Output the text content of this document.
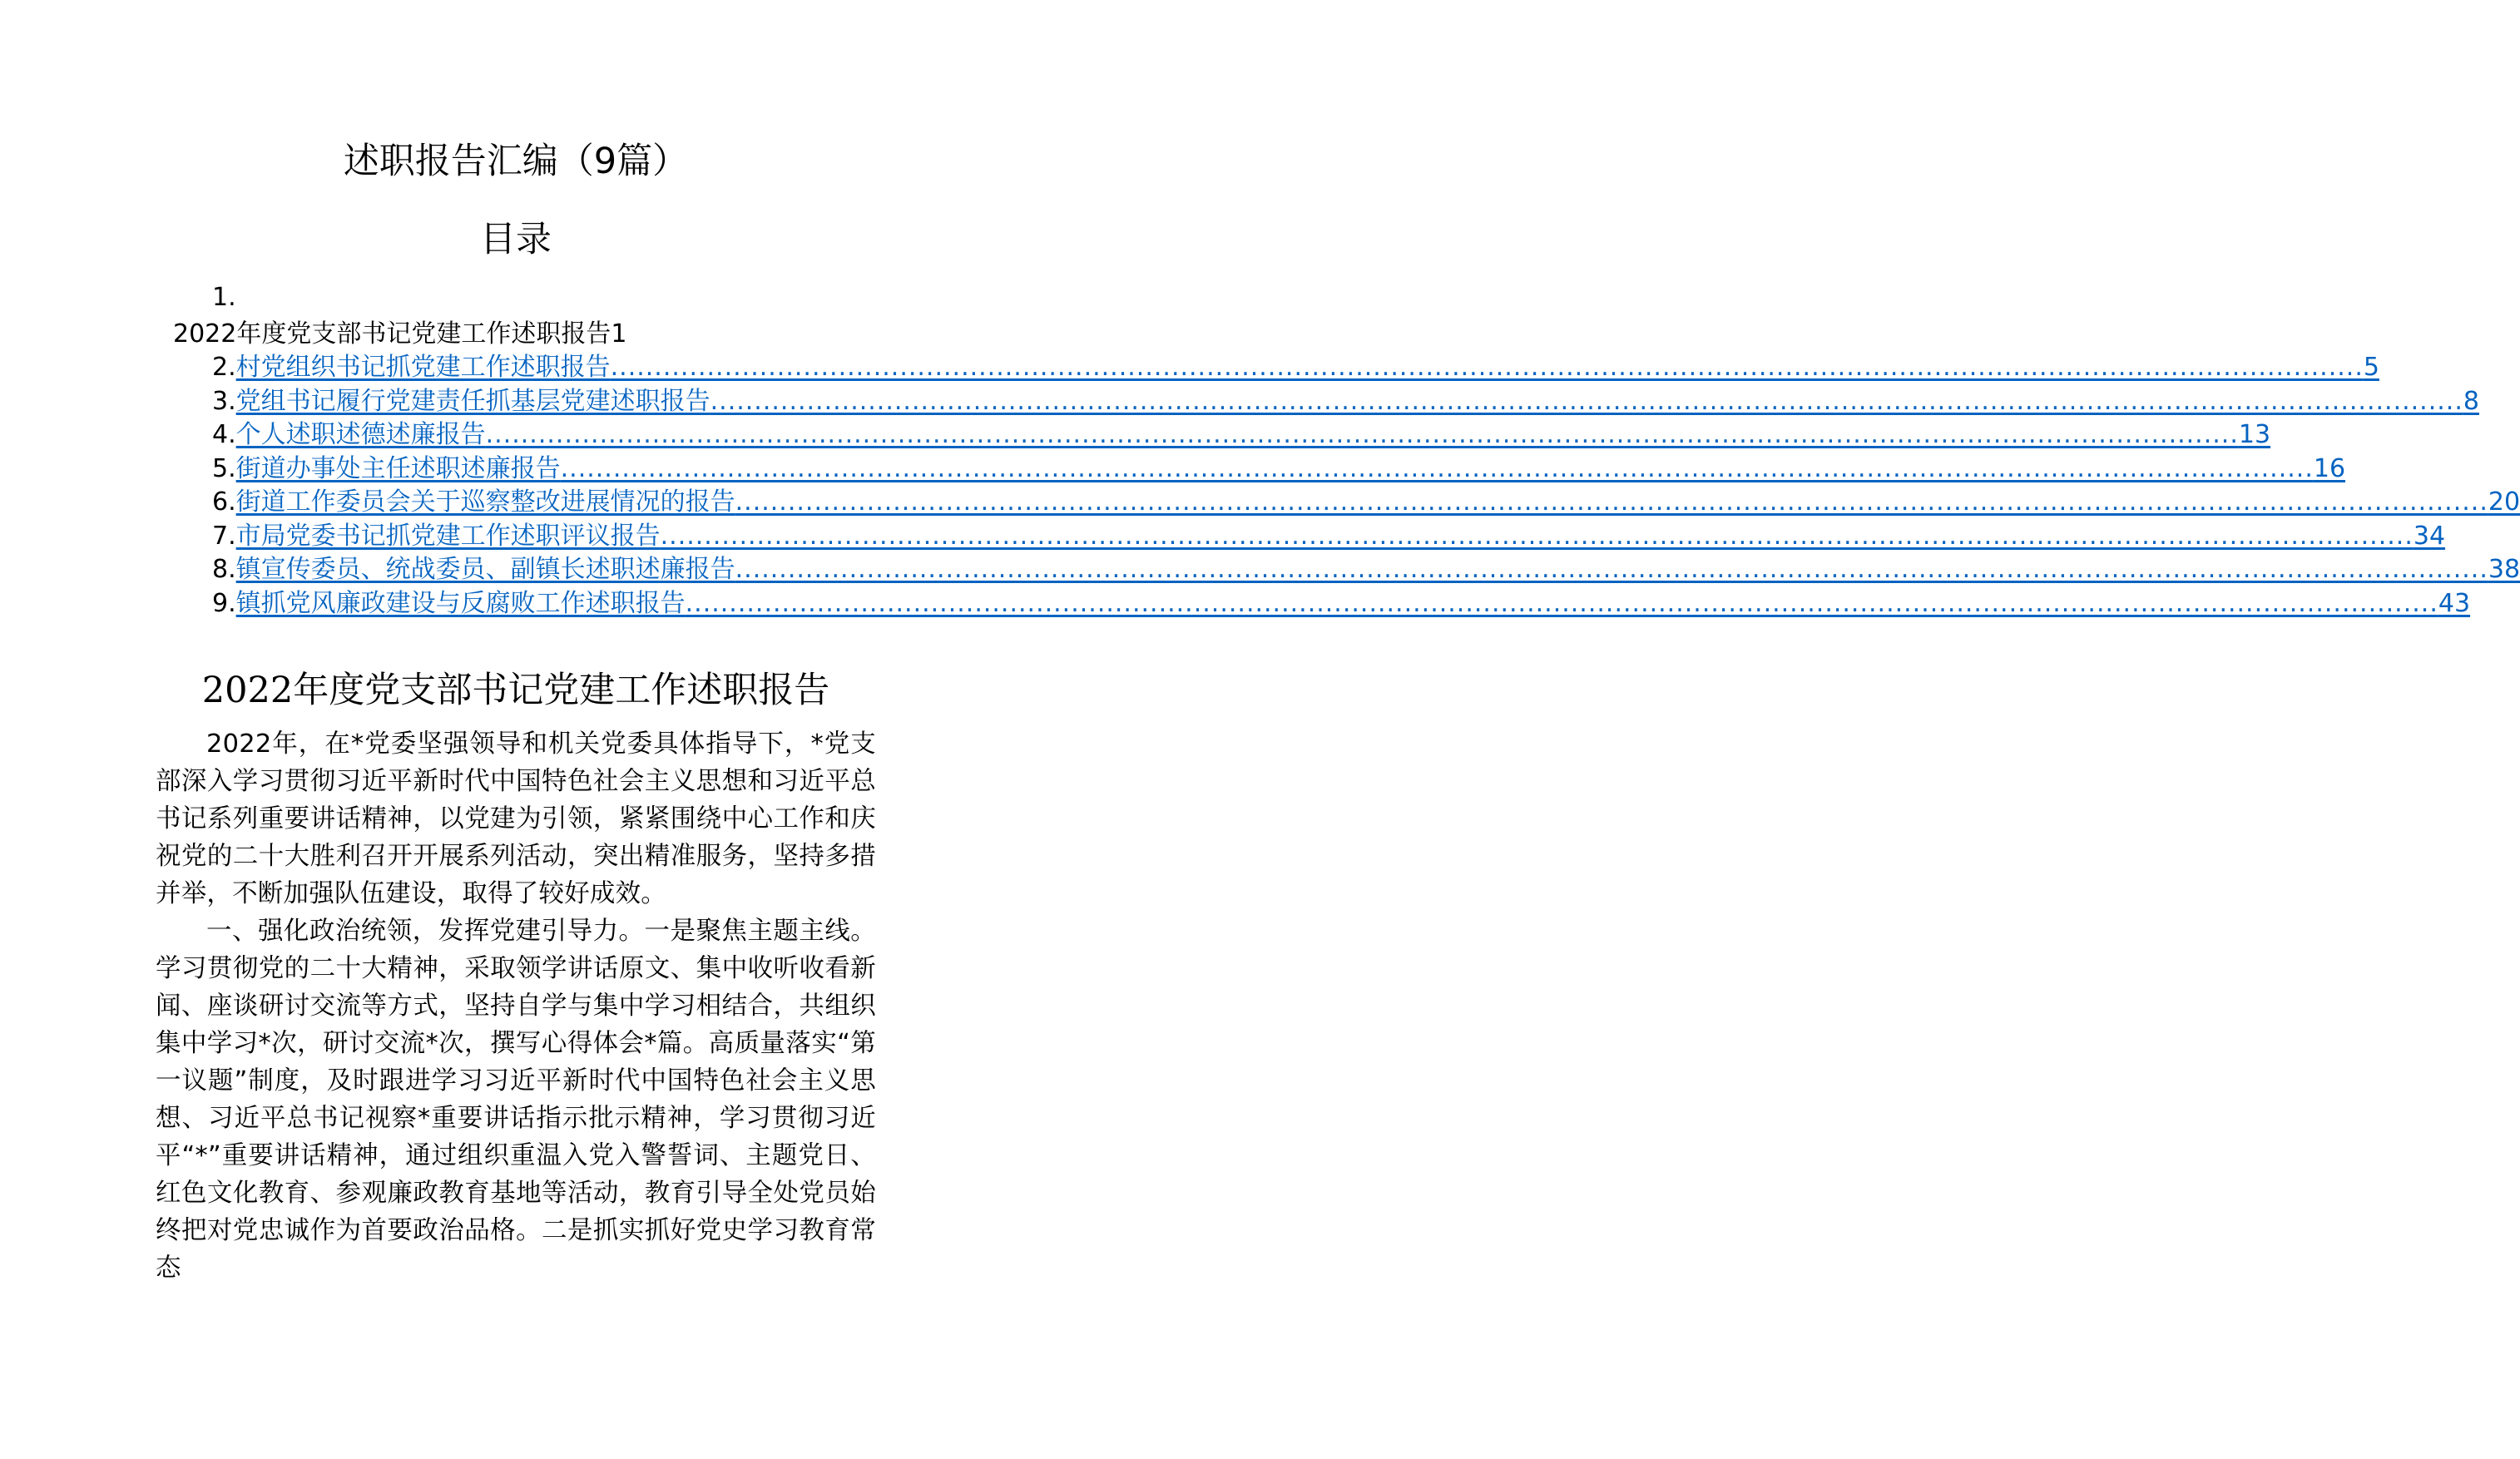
述职报告汇编（9篇）
目录
1.
2022年度党支部书记党建工作述职报告1
2. 村党组织书记抓党建工作述职报告 ........................................................................................................................................................................................................ 5
3. 党组书记履行党建责任抓基层党建述职报告 ........................................................................................................................................................................................................ 8
4. 个人述职述德述廉报告 ........................................................................................................................................................................................................ 13
5. 街道办事处主任述职述廉报告 ........................................................................................................................................................................................................ 16
6. 街道工作委员会关于巡察整改进展情况的报告 ........................................................................................................................................................................................................ 20
7. 市局党委书记抓党建工作述职评议报告 ........................................................................................................................................................................................................ 34
8. 镇宣传委员、统战委员、副镇长述职述廉报告 ........................................................................................................................................................................................................ 38
9. 镇抓党风廉政建设与反腐败工作述职报告 ........................................................................................................................................................................................................ 43
2022年度党支部书记党建工作述职报告

2022年，在*党委坚强领导和机关党委具体指导下，*党支部深入学习贯彻习近平新时代中国特色社会主义思想和习近平总书记系列重要讲话精神，以党建为引领，紧紧围绕中心工作和庆祝党的二十大胜利召开开展系列活动，突出精准服务，坚持多措并举，不断加强队伍建设，取得了较好成效。

一、强化政治统领，发挥党建引导力。一是聚焦主题主线。学习贯彻党的二十大精神，采取领学讲话原文、集中收听收看新闻、座谈研讨交流等方式，坚持自学与集中学习相结合，共组织集中学习*次，研讨交流*次，撰写心得体会*篇。高质量落实“第一议题”制度，及时跟进学习习近平新时代中国特色社会主义思想、习近平总书记视察*重要讲话指示批示精神，学习贯彻习近平“*”重要讲话精神，通过组织重温入党入警誓词、主题党日、红色文化教育、参观廉政教育基地等活动，教育引导全处党员始终把对党忠诚作为首要政治品格。二是抓实抓好党史学习教育常态
